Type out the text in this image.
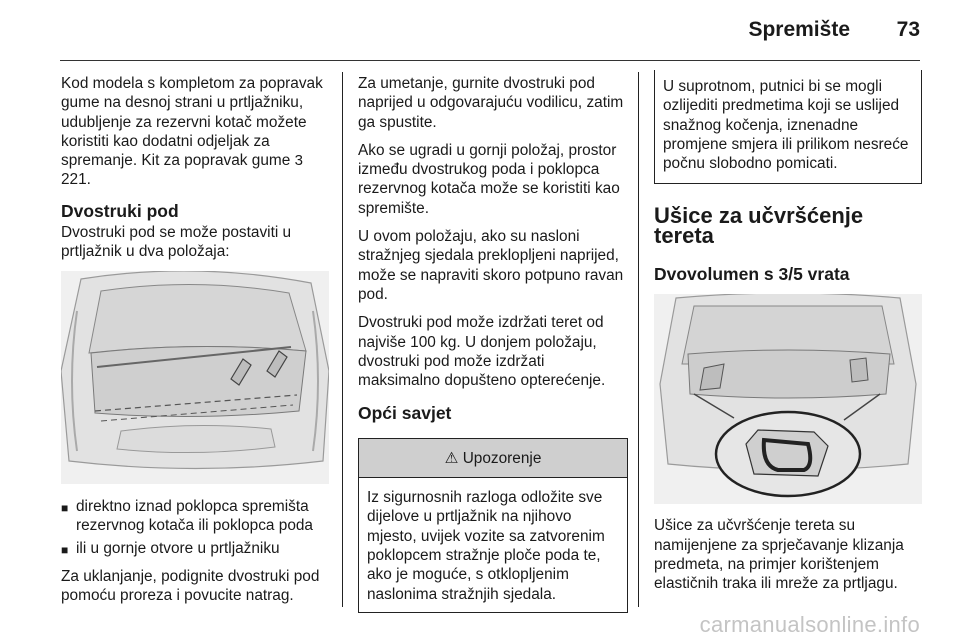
Spremište 73

Kod modela s kompletom za popravak gume na desnoj strani u prtljažniku, udubljenje za rezervni kotač možete koristiti kao dodatni odjeljak za spremanje. Kit za popravak gume 3 221.

Dvostruki pod

Dvostruki pod se može postaviti u prtljažnik u dva položaja:

■ direktno iznad poklopca spremišta rezervnog kotača ili poklopca poda
■ ili u gornje otvore u prtljažniku

Za uklanjanje, podignite dvostruki pod pomoću proreza i povucite natrag.

Za umetanje, gurnite dvostruki pod naprijed u odgovarajuću vodilicu, zatim ga spustite.

Ako se ugradi u gornji položaj, prostor između dvostrukog poda i poklopca rezervnog kotača može se koristiti kao spremište.

U ovom položaju, ako su nasloni stražnjeg sjedala preklopljeni naprijed, može se napraviti skoro potpuno ravan pod.

Dvostruki pod može izdržati teret od najviše 100 kg. U donjem položaju, dvostruki pod može izdržati maksimalno dopušteno opterećenje.

Opći savjet
⚠ Upozorenje
Iz sigurnosnih razloga odložite sve dijelove u prtljažnik na njihovo mjesto, uvijek vozite sa zatvorenim poklopcem stražnje ploče poda te, ako je moguće, s otklopljenim naslonima stražnjih sjedala.
U suprotnom, putnici bi se mogli ozlijediti predmetima koji se uslijed snažnog kočenja, iznenadne promjene smjera ili prilikom nesreće počnu slobodno pomicati.
Ušice za učvršćenje tereta
Dvovolumen s 3/5 vrata

Ušice za učvršćenje tereta su namijenjene za sprječavanje klizanja predmeta, na primjer korištenjem elastičnih traka ili mreže za prtljagu.

carmanualsonline.info
